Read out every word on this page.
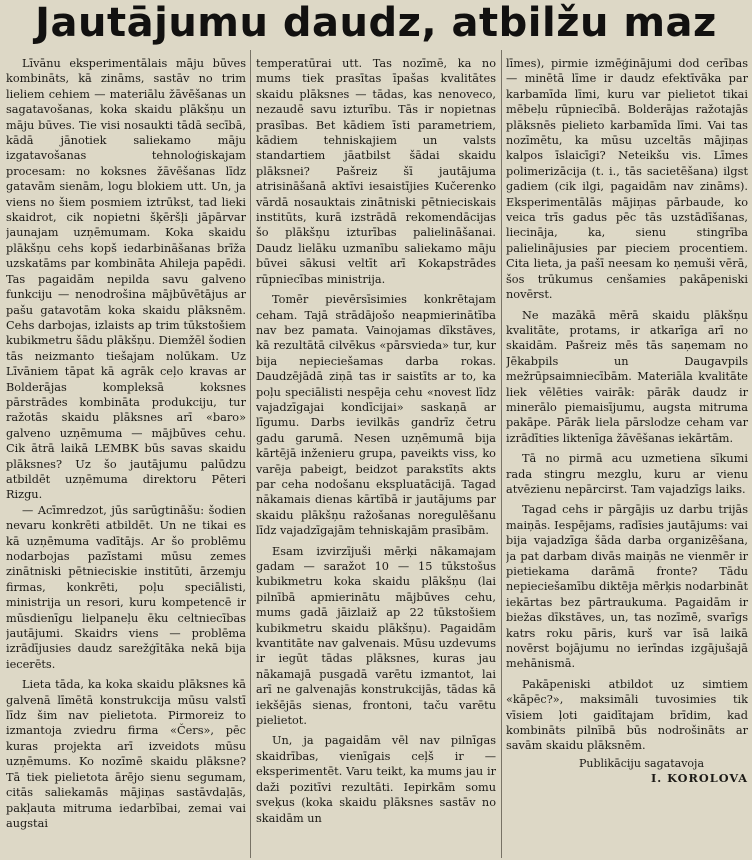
Jautājumu daudz, atbilžu maz

Līvānu eksperimentālais māju būves kombināts, kā zināms, sastāv no trim lieliem cehiem — materiālu žāvēšanas un sagatavošanas, koka skaidu plākšņu un māju būves. Tie visi nosaukti tādā secībā, kādā jānotiek saliekamo māju izgatavošanas tehnoloģiskajam procesam: no koksnes žāvēšanas līdz gatavām sienām, logu blokiem utt. Un, ja viens no šiem posmiem iztrūkst, tad lieki skaidrot, cik nopietni šķēršļi jāpārvar jaunajam uzņēmumam. Koka skaidu plākšņu cehs kopš iedarbināšanas brīža uzskatāms par kombināta Ahileja papēdi. Tas pagaidām nepilda savu galveno funkciju — nenodrošina mājbūvētājus ar pašu gatavotām koka skaidu plāksnēm. Cehs darbojas, izlaists ap trim tūkstošiem kubikmetru šādu plākšņu. Diemžēl šodien tās neizmanto tiešajam nolūkam. Uz Līvāniem tāpat kā agrāk ceļo kravas ar Bolderājas kompleksā koksnes pārstrādes kombināta produkciju, tur ražotās skaidu plāksnes arī «baro» galveno uzņēmuma — mājbūves cehu. Cik ātrā laikā LEMBK būs savas skaidu plāksnes? Uz šo jautājumu palūdzu atbildēt uzņēmuma direktoru Pēteri Rizgu.

— Acīmredzot, jūs sarūgtināšu: šodien nevaru konkrēti atbildēt. Un ne tikai es kā uzņēmuma vadītājs. Ar šo problēmu nodarbojas pazīstami mūsu zemes zinātniski pētnieciskie institūti, ārzemju firmas, konkrēti, poļu speciālisti, ministrija un resori, kuru kompetencē ir mūsdienīgu lielpaneļu ēku celtniecības jautājumi. Skaidrs viens — problēma izrādījusies daudz sarežģītāka nekā bija iecerēts.

Lieta tāda, ka koka skaidu plāksnes kā galvenā līmētā konstrukcija mūsu valstī līdz šim nav pielietota. Pirmoreiz to izmantoja zviedru firma «Čers», pēc kuras projekta arī izveidots mūsu uzņēmums. Ko nozīmē skaidu plāksne? Tā tiek pielietota ārējo sienu segumam, citās saliekamās mājiņas sastāvdaļās, pakļauta mitruma iedarbībai, zemai vai augstai

temperatūrai utt. Tas nozīmē, ka no mums tiek prasītas īpašas kvalitātes skaidu plāksnes — tādas, kas nenoveco, nezaudē savu izturību. Tās ir nopietnas prasības. Bet kādiem īsti parametriem, kādiem tehniskajiem un valsts standartiem jāatbilst šādai skaidu plāksnei? Pašreiz šī jautājuma atrisināšanā aktīvi iesaistījies Kučerenko vārdā nosauktais zinātniski pētnieciskais institūts, kurā izstrādā rekomendācijas šo plākšņu izturības palielināšanai. Daudz lielāku uzmanību saliekamo māju būvei sākusi veltīt arī Kokapstrādes rūpniecības ministrija.

Tomēr pievērsīsimies konkrētajam ceham. Tajā strādājošo neapmierinātība nav bez pamata. Vainojamas dīkstāves, kā rezultātā cilvēkus «pārsvieda» tur, kur bija nepieciešamas darba rokas. Daudzējādā ziņā tas ir saistīts ar to, ka poļu speciālisti nespēja cehu «novest līdz vajadzīgajai kondīcijai» saskaņā ar līgumu. Darbs ievilkās gandrīz četru gadu garumā. Nesen uzņēmumā bija kārtējā inženieru grupa, paveikts viss, ko varēja pabeigt, beidzot parakstīts akts par ceha nodošanu ekspluatācijā. Tagad nākamais dienas kārtībā ir jautājums par skaidu plākšņu ražošanas noregulēšanu līdz vajadzīgajām tehniskajām prasībām.

Esam izvirzījuši mērķi nākamajam gadam — saražot 10 — 15 tūkstošus kubikmetru koka skaidu plākšņu (lai pilnībā apmierinātu mājbūves cehu, mums gadā jāizlaiž ap 22 tūkstošiem kubikmetru skaidu plākšņu). Pagaidām kvantitāte nav galvenais. Mūsu uzdevums ir iegūt tādas plāksnes, kuras jau nākamajā pusgadā varētu izmantot, lai arī ne galvenajās konstrukcijās, tādas kā iekšējās sienas, frontoni, taču varētu pielietot.

Un, ja pagaidām vēl nav pilnīgas skaidrības, vienīgais ceļš ir — eksperimentēt. Varu teikt, ka mums jau ir daži pozitīvi rezultāti. Iepirkām somu sveķus (koka skaidu plāksnes sastāv no skaidām un

līmes), pirmie izmēģinājumi dod cerības — minētā līme ir daudz efektīvāka par karbamīda līmi, kuru var pielietot tikai mēbeļu rūpniecībā. Bolderājas ražotajās plāksnēs pielieto karbamīda līmi. Vai tas nozīmētu, ka mūsu uzceltās mājiņas kalpos īslaicīgi? Neteikšu vis. Līmes polimerizācija (t. i., tās sacietēšana) ilgst gadiem (cik ilgi, pagaidām nav zināms). Eksperimentālās mājiņas pārbaude, ko veica trīs gadus pēc tās uzstādīšanas, liecināja, ka, sienu stingrība palielinājusies par pieciem procentiem. Cita lieta, ja pašī neesam ko ņemuši vērā, šos trūkumus cenšamies pakāpeniski novērst.

Ne mazākā mērā skaidu plākšņu kvalitāte, protams, ir atkarīga arī no skaidām. Pašreiz mēs tās saņemam no Jēkabpils un Daugavpils mežrūpsaimniecībām. Materiāla kvalitāte liek vēlēties vairāk: pārāk daudz ir minerālo piemaisījumu, augsta mitruma pakāpe. Pārāk liela pārslodze ceham var izrādīties liktenīga žāvēšanas iekārtām.

Tā no pirmā acu uzmetiena sīkumi rada stingru mezglu, kuru ar vienu atvēzienu nepārcirst. Tam vajadzīgs laiks.

Tagad cehs ir pārgājis uz darbu trijās maiņās. Iespējams, radīsies jautājums: vai bija vajadzīga šāda darba organizēšana, ja pat darbam divās maiņās ne vienmēr ir pietiekama darāmā fronte? Tādu nepieciešamību diktēja mērķis nodarbināt iekārtas bez pārtraukuma. Pagaidām ir biežas dīkstāves, un, tas nozīmē, svarīgs katrs roku pāris, kurš var īsā laikā novērst bojājumu no ierīndas izgājušajā mehānismā.

Pakāpeniski atbildot uz simtiem «kāpēc?», maksimāli tuvosimies tik vīsiem ļoti gaidītajam brīdim, kad kombināts pilnībā būs nodrošināts ar savām skaidu plāksnēm.

Publikāciju sagatavoja
I. KOROLOVA
